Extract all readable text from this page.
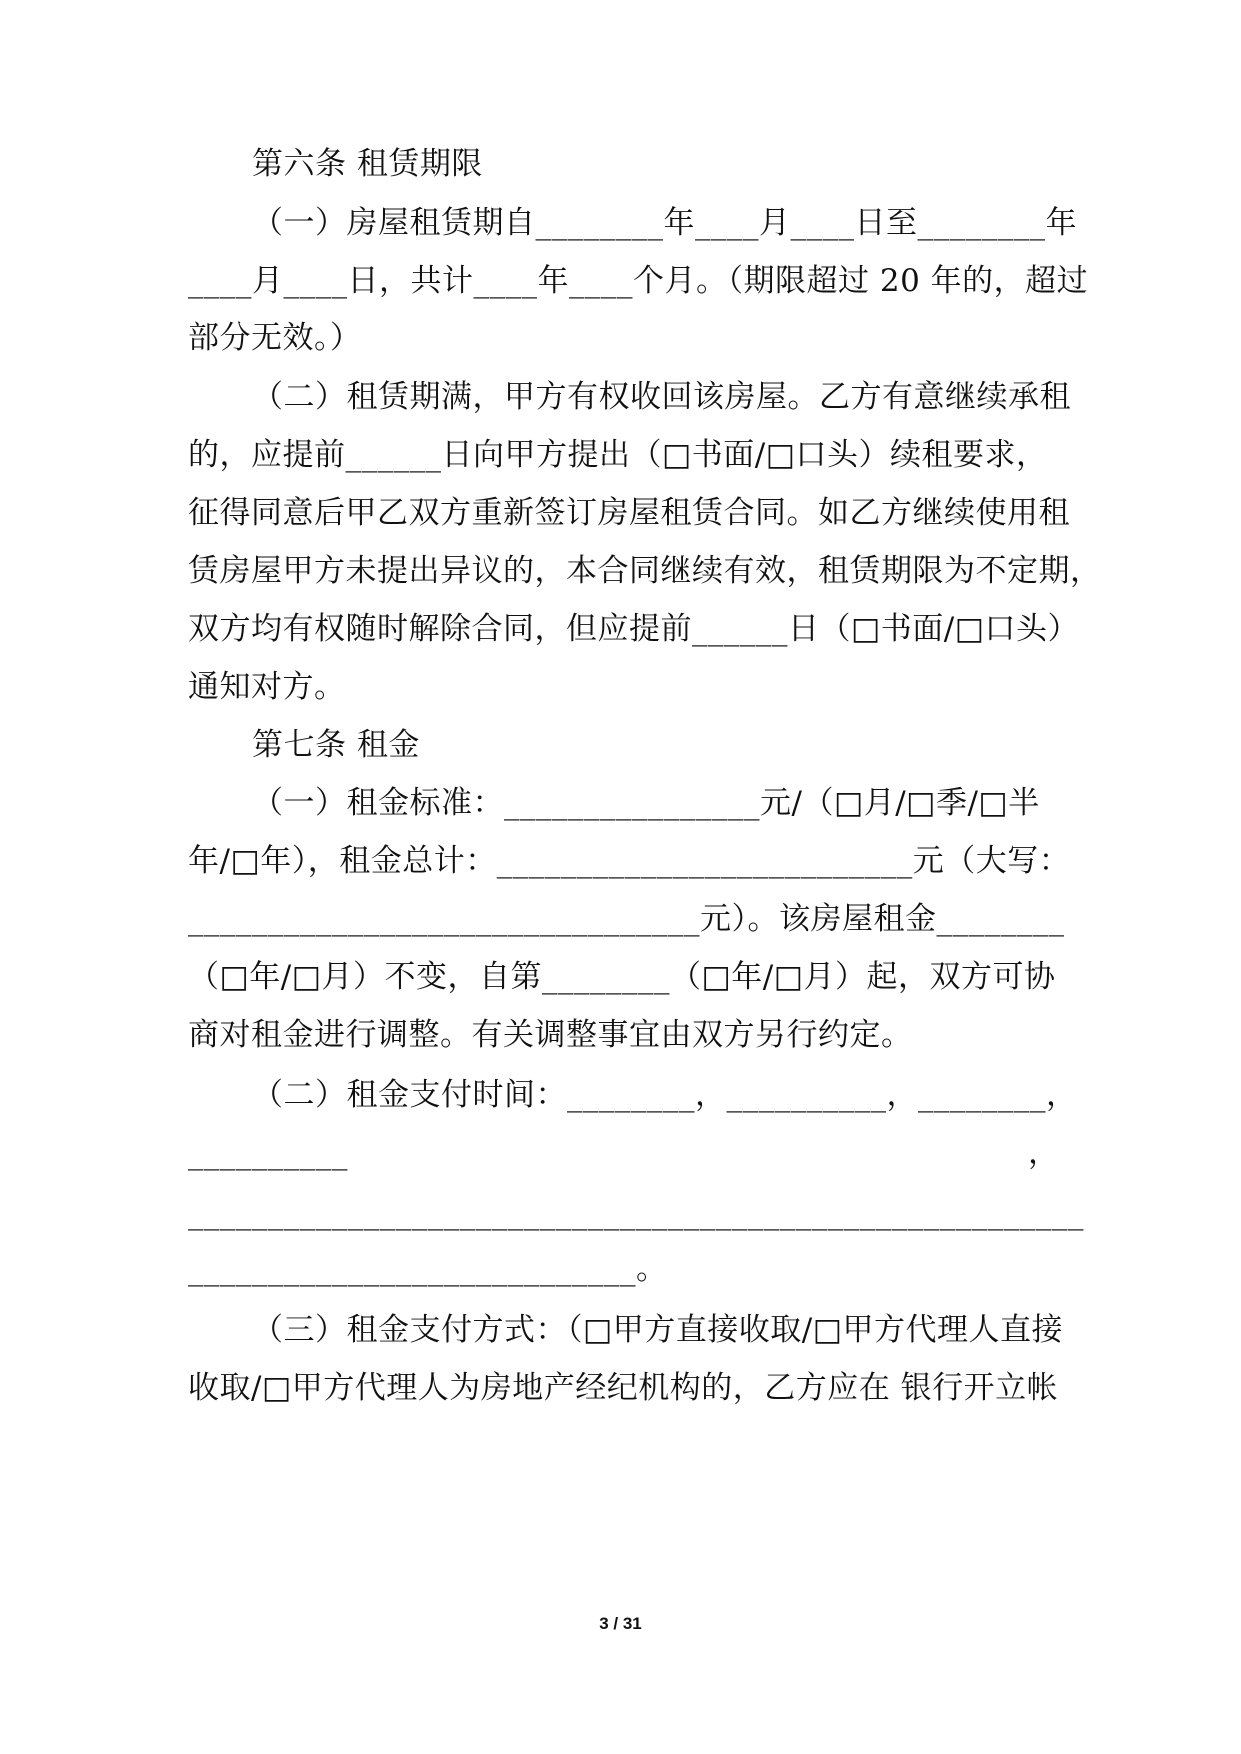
第六条 租赁期限
（一）房屋租赁期自________年____月____日至________年
____月____日，共计____年____个月。（期限超过 20 年的，超过
部分无效。）
（二）租赁期满，甲方有权收回该房屋。乙方有意继续承租
的，应提前______日向甲方提出（□书面/□口头）续租要求，
征得同意后甲乙双方重新签订房屋租赁合同。如乙方继续使用租
赁房屋甲方未提出异议的，本合同继续有效，租赁期限为不定期，
双方均有权随时解除合同，但应提前______日（□书面/□口头）
通知对方。
第七条 租金
（一）租金标准：________________元/（□月/□季/□半
年/□年），租金总计：__________________________元（大写：
________________________________元）。该房屋租金________
（□年/□月）不变，自第________（□年/□月）起，双方可协
商对租金进行调整。有关调整事宜由双方另行约定。
（二）租金支付时间：________，__________，________，
__________	，
________________________________________________________
____________________________。
（三）租金支付方式：（□甲方直接收取/□甲方代理人直接
收取/□甲方代理人为房地产经纪机构的，乙方应在 银行开立帐
3 / 31
